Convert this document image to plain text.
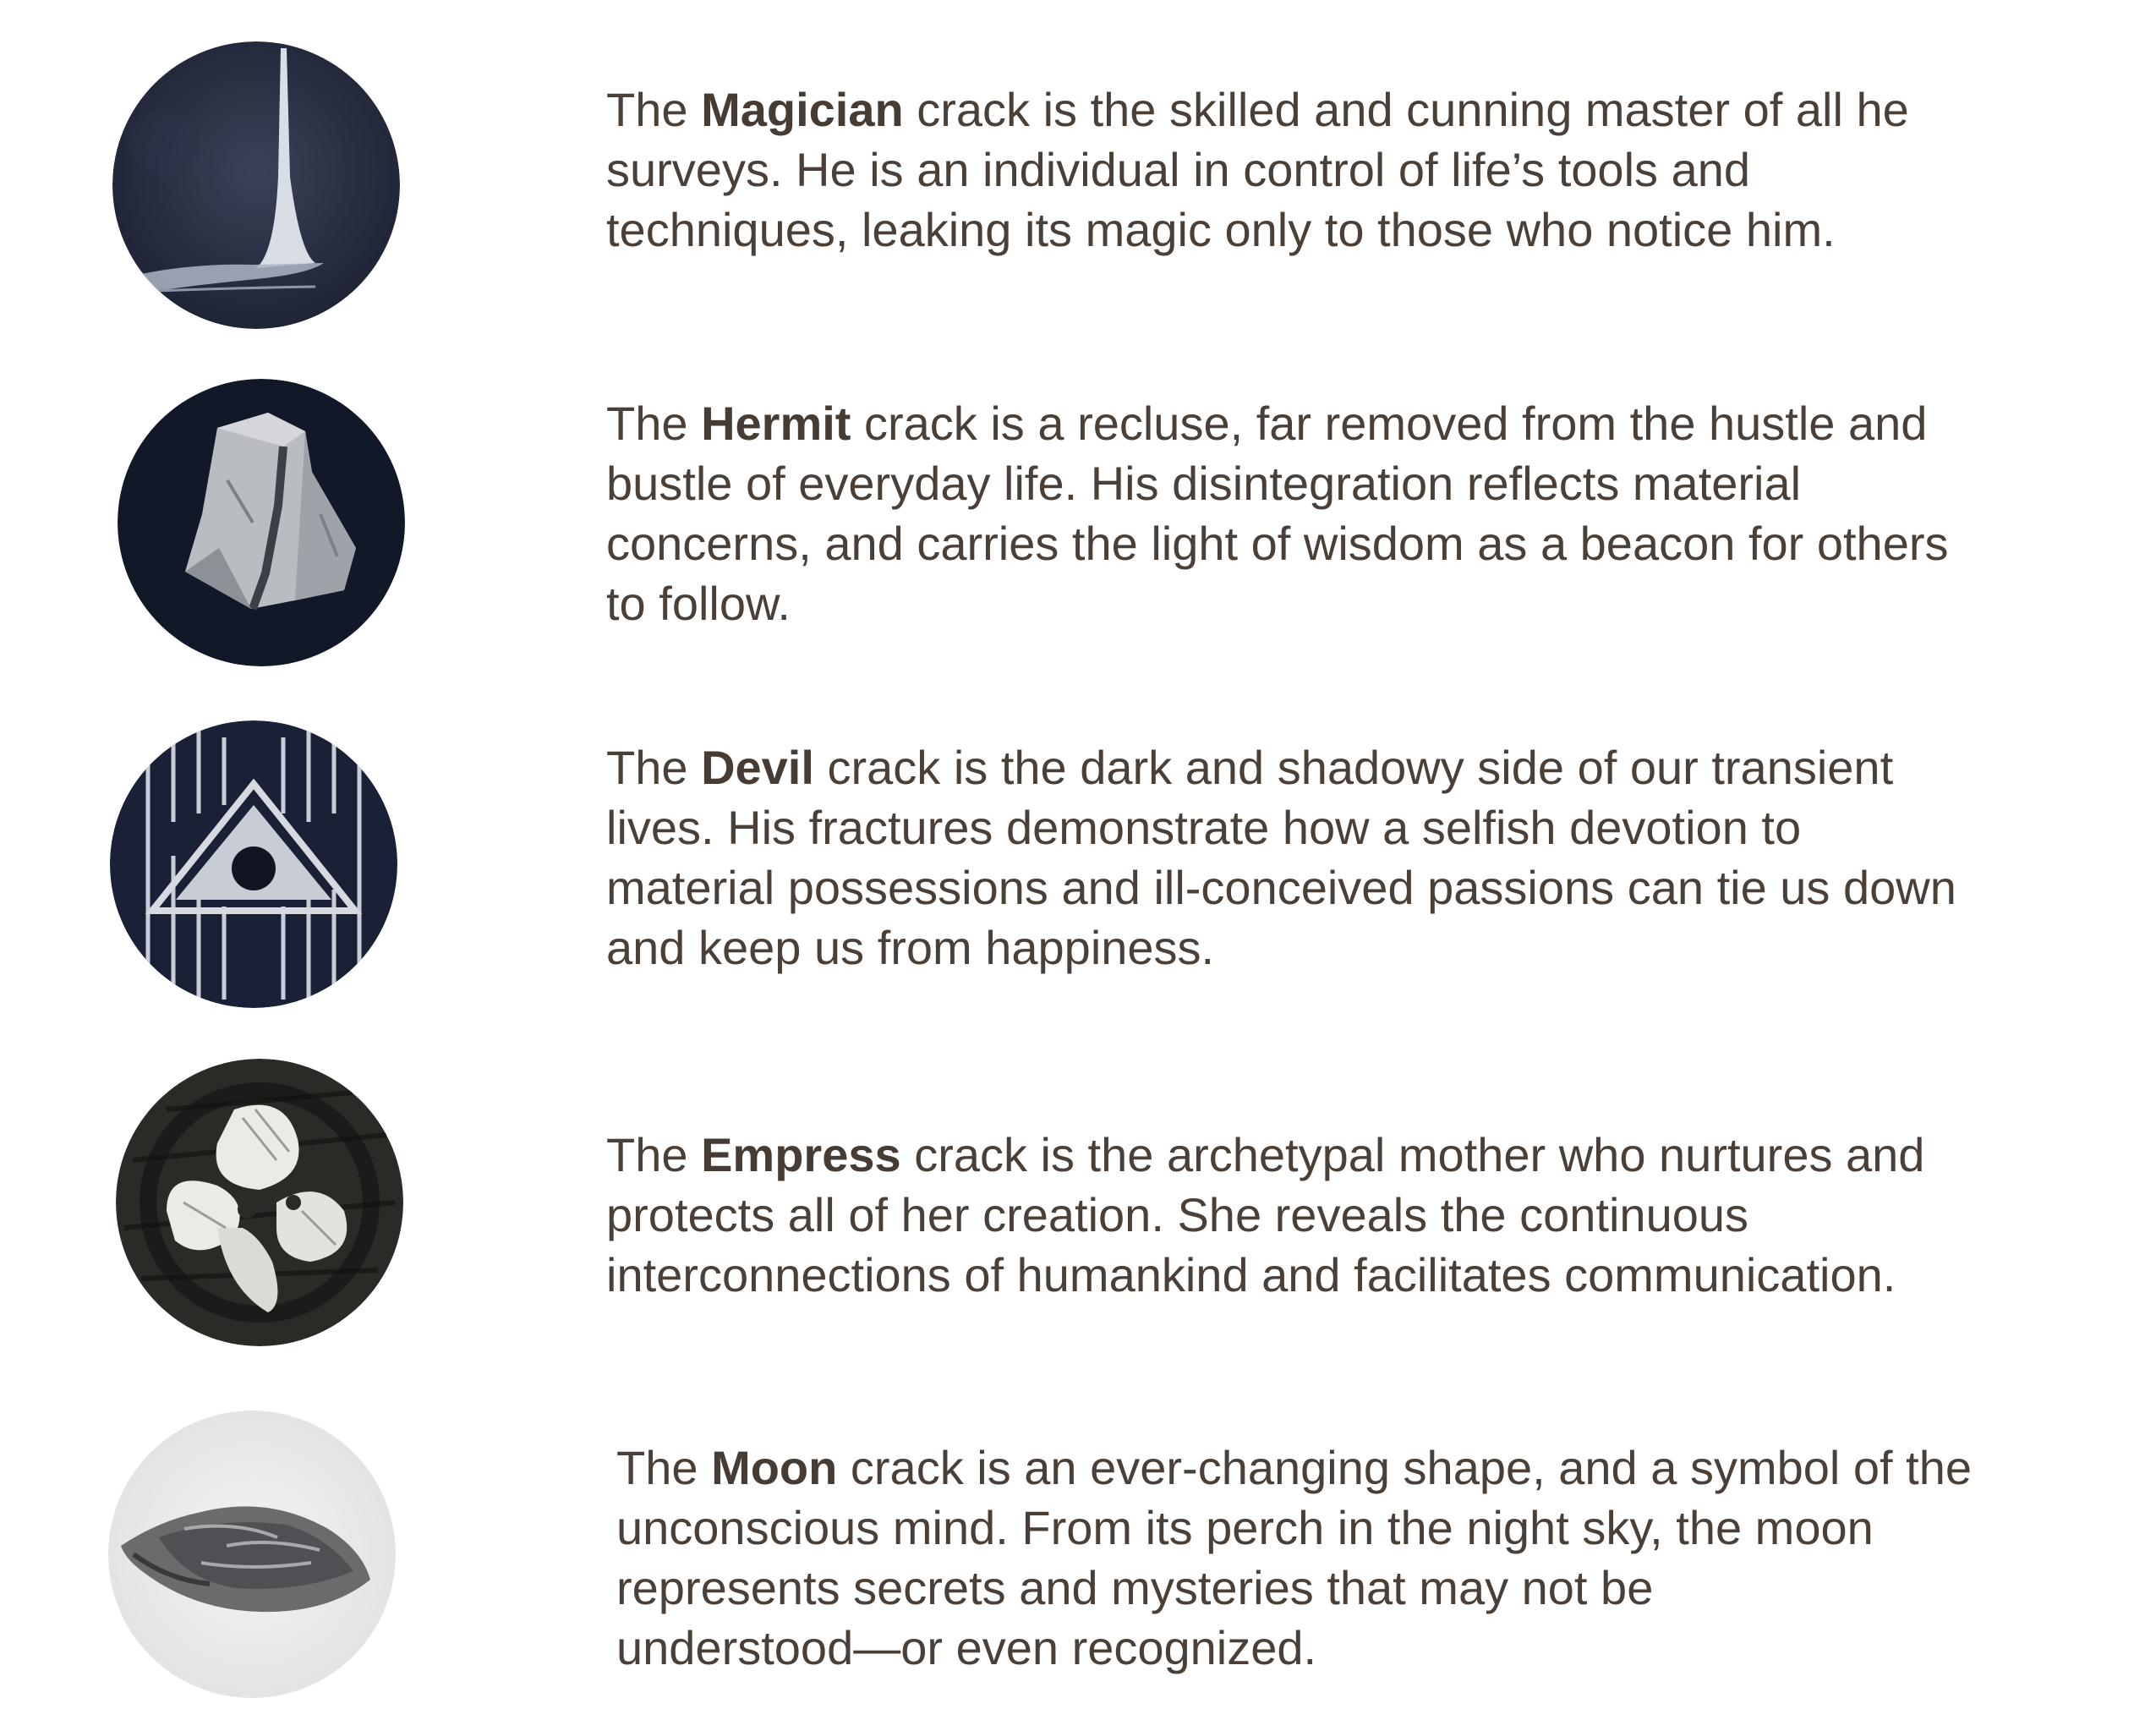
The Magician crack is the skilled and cunning master of all he
surveys. He is an individual in control of life’s tools and
techniques, leaking its magic only to those who notice him.

The Hermit crack is a recluse, far removed from the hustle and
bustle of everyday life. His disintegration reflects material
concerns, and carries the light of wisdom as a beacon for others
to follow.

The Devil crack is the dark and shadowy side of our transient
lives. His fractures demonstrate how a selfish devotion to
material possessions and ill-conceived passions can tie us down
and keep us from happiness.

The Empress crack is the archetypal mother who nurtures and
protects all of her creation. She reveals the continuous
interconnections of humankind and facilitates communication.

The Moon crack is an ever-changing shape, and a symbol of the
unconscious mind. From its perch in the night sky, the moon
represents secrets and mysteries that may not be
understood—or even recognized.
